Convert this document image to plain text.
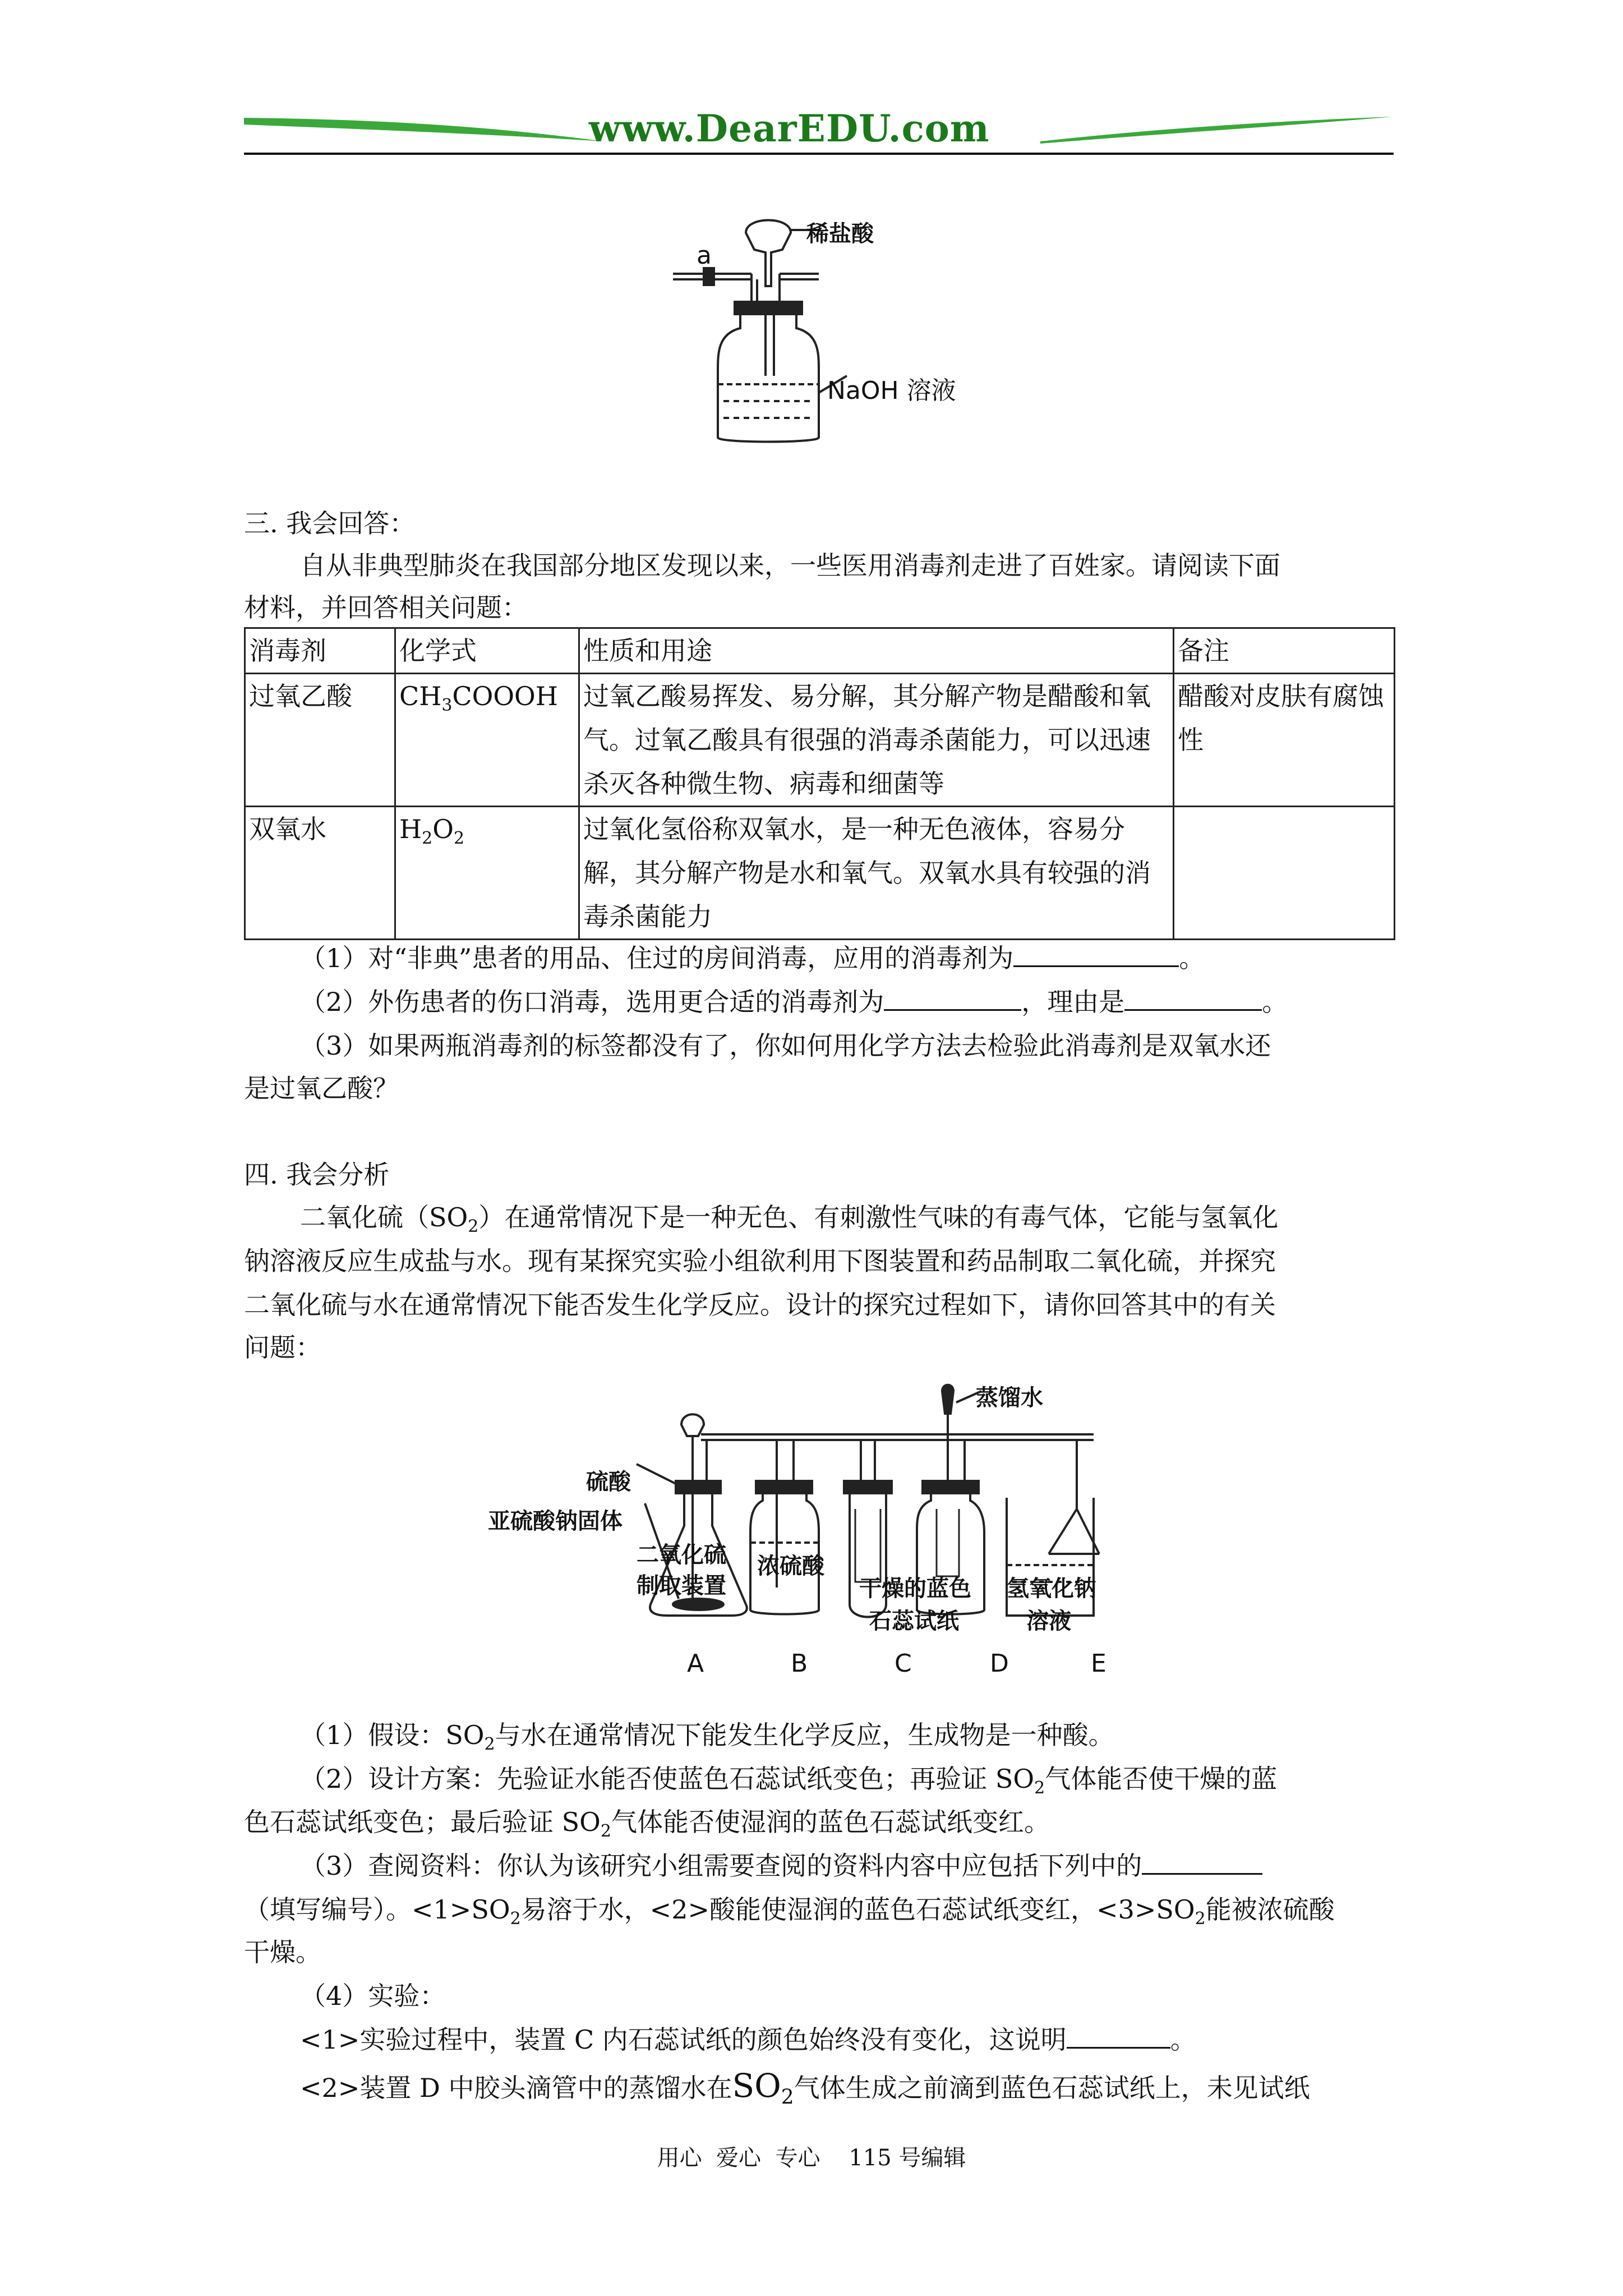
www.DearEDU.com
a
稀盐酸
NaOH 溶液
三. 我会回答：
自从非典型肺炎在我国部分地区发现以来，一些医用消毒剂走进了百姓家。请阅读下面
材料，并回答相关问题：
消毒剂	化学式	性质和用途	备注
过氧乙酸	$CH_3COOOH$	过氧乙酸易挥发、易分解，其分解产物是醋酸和氧气。过氧乙酸具有很强的消毒杀菌能力，可以迅速杀灭各种微生物、病毒和细菌等	醋酸对皮肤有腐蚀性
双氧水	$H_2O_2$	过氧化氢俗称双氧水，是一种无色液体，容易分解，其分解产物是水和氧气。双氧水具有较强的消毒杀菌能力	
（1）对“非典”患者的用品、住过的房间消毒，应用的消毒剂为	。
（2）外伤患者的伤口消毒，选用更合适的消毒剂为	，理由是	。
（3）如果两瓶消毒剂的标签都没有了，你如何用化学方法去检验此消毒剂是双氧水还
是过氧乙酸？
四. 我会分析
二氧化硫$(SO_2)$在通常情况下是一种无色、有刺激性气味的有毒气体，它能与氢氧化
钠溶液反应生成盐与水。现有某探究实验小组欲利用下图装置和药品制取二氧化硫，并探究
二氧化硫与水在通常情况下能否发生化学反应。设计的探究过程如下，请你回答其中的有关
问题：
蒸馏水
硫酸
亚硫酸钠固体
二氧化硫
制取装置
浓硫酸
干燥的蓝色
石蕊试纸
氢氧化钠
溶液
A	B	C	D	E
（1）假设：$SO_2$与水在通常情况下能发生化学反应，生成物是一种酸。
（2）设计方案：先验证水能否使蓝色石蕊试纸变色；再验证 $SO_2$气体能否使干燥的蓝
色石蕊试纸变色；最后验证 $SO_2$气体能否使湿润的蓝色石蕊试纸变红。
（3）查阅资料：你认为该研究小组需要查阅的资料内容中应包括下列中的
（填写编号）。$<1>SO_2$易溶于水，<2>酸能使湿润的蓝色石蕊试纸变红，$<3>SO_2$能被浓硫酸
干燥。
（4）实验：
<1>实验过程中，装置 C 内石蕊试纸的颜色始终没有变化，这说明	。
<2>装置 D 中胶头滴管中的蒸馏水在$SO_2$气体生成之前滴到蓝色石蕊试纸上，未见试纸
用心  爱心  专心    115 号编辑
